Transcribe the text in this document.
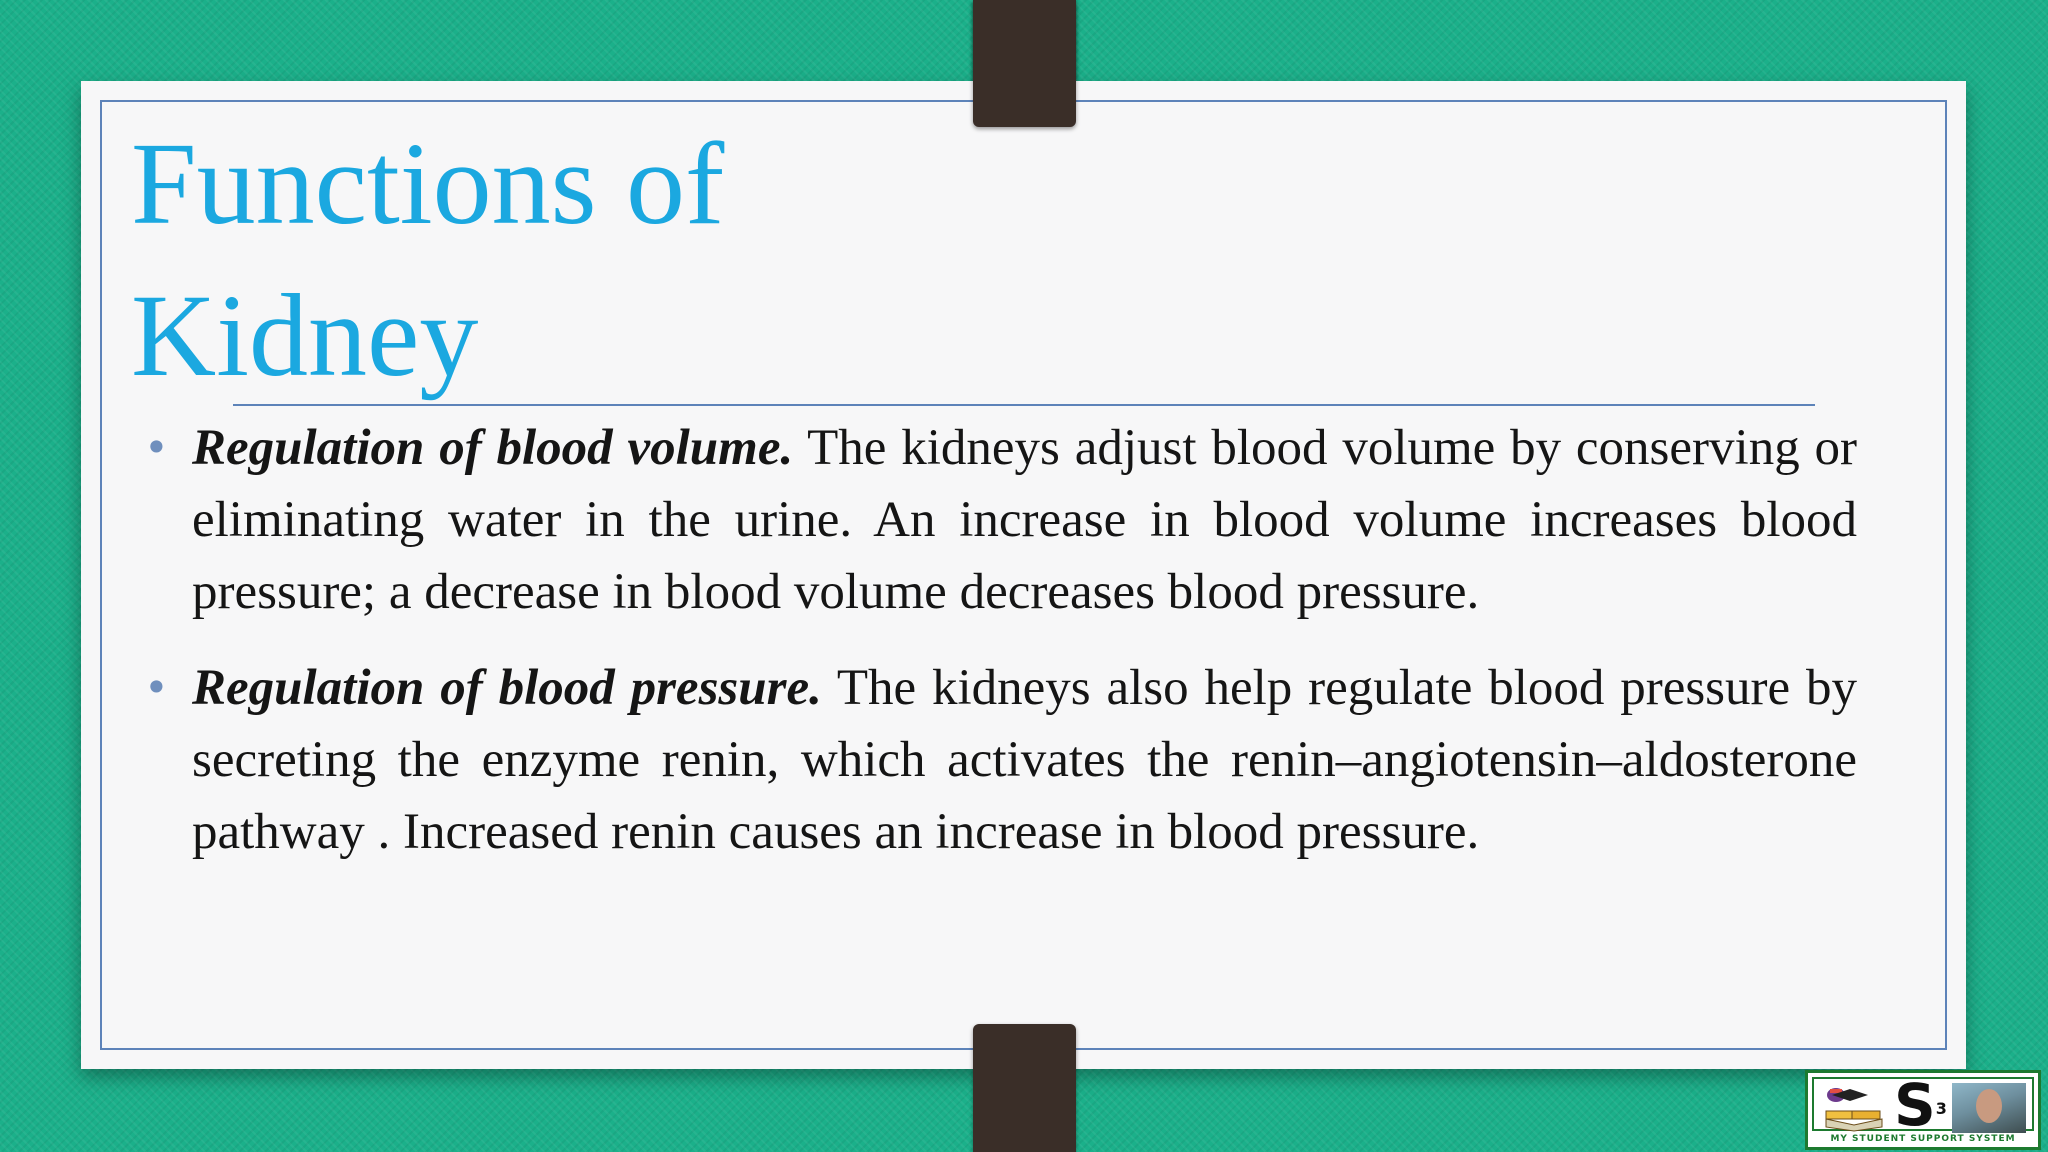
Functions of Kidney

• Regulation of blood volume. The kidneys adjust blood volume by conserving or eliminating water in the urine. An increase in blood volume increases blood pressure; a decrease in blood volume decreases blood pressure.

• Regulation of blood pressure. The kidneys also help regulate blood pressure by secreting the enzyme renin, which activates the renin–angiotensin–aldosterone pathway . Increased renin causes an increase in blood pressure.

$S^3$
MY STUDENT SUPPORT SYSTEM
